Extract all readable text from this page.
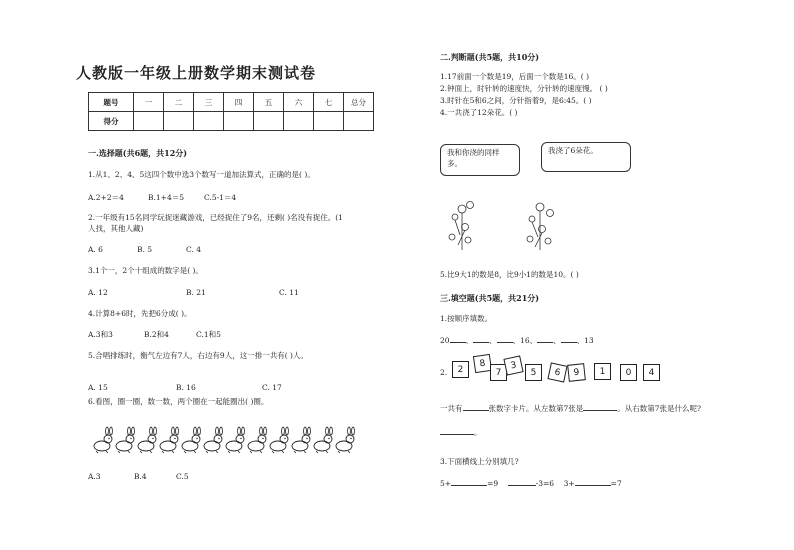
人教版一年级上册数学期末测试卷
题号	一	二	三	四	五	六	七	总分
得分								
一.选择题(共6题，共12分)
1.从1、2、4、5这四个数中选3个数写一道加法算式，正确的是( )。
A.2+2＝4	B.1+4＝5	C.5-1＝4
2.一年级有15名同学玩捉迷藏游戏，已经捉住了9名，还剩( )名没有捉住。(1
人找，其他人藏)
A. 6	B. 5	C. 4
3.1个一，2个十组成的数字是( )。
A. 12	B. 21	C. 11
4.计算8+6时，先把6分成( )。
A.3和3	B.2和4	C.1和5
5.合唱排练时，衡气左边有7人，右边有9人，这一排一共有( )人。
A. 15	B. 16	C. 17
6.看图，圈一圈，数一数，两个圈在一起能圈出( )圈。
A.3	B.4	C.5
二.判断题(共5题，共10分)
1.17前面一个数是19，后面一个数是16。( )
2.钟面上，时针转的速度快，分针转的速度慢。 ( )
3.时针在5和6之间，分针指着9，是6:45。( )
4.一共浇了12朵花。( )
我和你浇的同样多。
我浇了6朵花。
5.比9大1的数是8，比9小1的数是10。( )
三.填空题(共5题，共21分)
1.按顺序填数。
20 、 、 、16、 、 、13
2.	2
8
7
3
5	6	9	1	0	4
一共有	张数字卡片。从左数第7张是	。从右数第7张是什么呢?
。
3.下面横线上分别填几?
5+	=9	-3=6 3+	=7
